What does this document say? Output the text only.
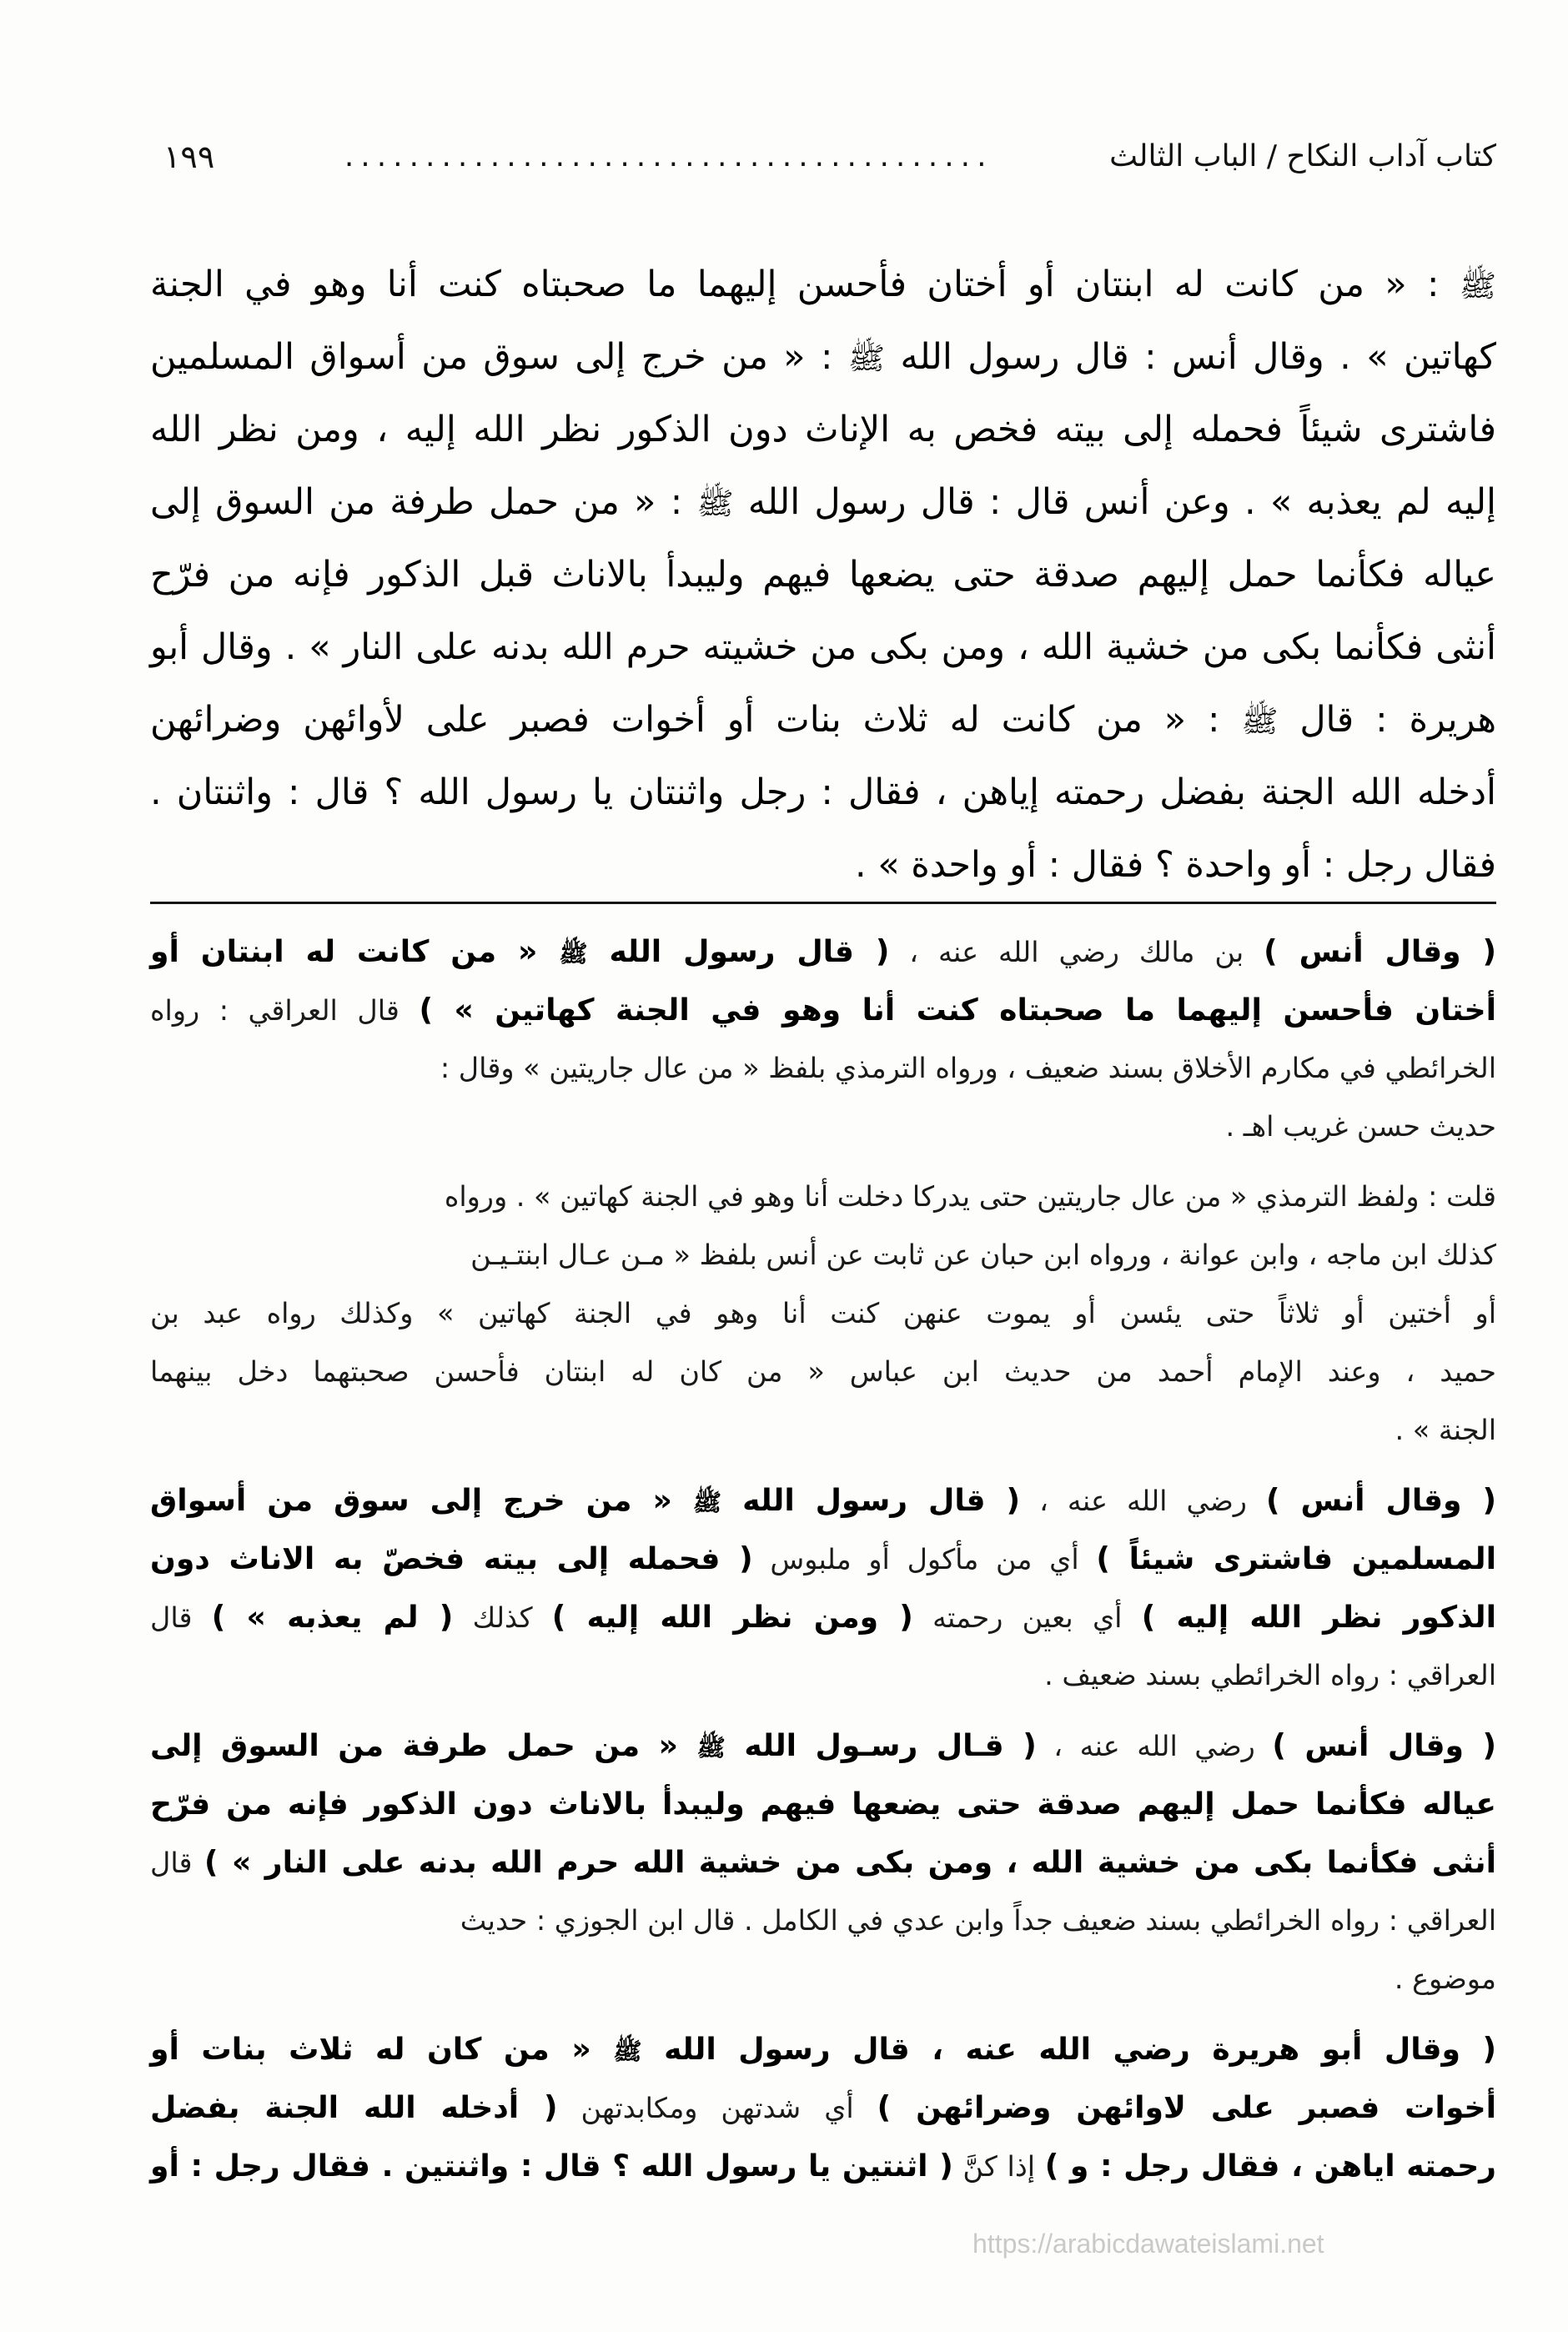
كتاب آداب النكاح / الباب الثالث
........................................
١٩٩
ﷺ : « من كانت له ابنتان أو أختان فأحسن إليهما ما صحبتاه كنت أنا وهو في الجنة
كهاتين » . وقال أنس : قال رسول الله ﷺ : « من خرج إلى سوق من أسواق المسلمين
فاشترى شيئاً فحمله إلى بيته فخص به الإناث دون الذكور نظر الله إليه ، ومن نظر الله
إليه لم يعذبه » . وعن أنس قال : قال رسول الله ﷺ : « من حمل طرفة من السوق إلى
عياله فكأنما حمل إليهم صدقة حتى يضعها فيهم وليبدأ بالاناث قبل الذكور فإنه من فرّح
أنثى فكأنما بكى من خشية الله ، ومن بكى من خشيته حرم الله بدنه على النار » . وقال أبو
هريرة : قال ﷺ : « من كانت له ثلاث بنات أو أخوات فصبر على لأوائهن وضرائهن
أدخله الله الجنة بفضل رحمته إياهن ، فقال : رجل واثنتان يا رسول الله ؟ قال : واثنتان .
فقال رجل : أو واحدة ؟ فقال : أو واحدة » .
( وقال أنس ) بن مالك رضي الله عنه ، ( قال رسول الله ﷺ « من كانت له ابنتان أو
أختان فأحسن إليهما ما صحبتاه كنت أنا وهو في الجنة كهاتين » ) قال العراقي : رواه
الخرائطي في مكارم الأخلاق بسند ضعيف ، ورواه الترمذي بلفظ « من عال جاريتين » وقال :
حديث حسن غريب اهـ .
قلت : ولفظ الترمذي « من عال جاريتين حتى يدركا دخلت أنا وهو في الجنة كهاتين » . ورواه
كذلك ابن ماجه ، وابن عوانة ، ورواه ابن حبان عن ثابت عن أنس بلفظ « مـن عـال ابنتـيـن
أو أختين أو ثلاثاً حتى يئسن أو يموت عنهن كنت أنا وهو في الجنة كهاتين » وكذلك رواه عبد بن
حميد ، وعند الإمام أحمد من حديث ابن عباس « من كان له ابنتان فأحسن صحبتهما دخل بينهما
الجنة » .
( وقال أنس ) رضي الله عنه ، ( قال رسول الله ﷺ « من خرج إلى سوق من أسواق
المسلمين فاشترى شيئاً ) أي من مأكول أو ملبوس ( فحمله إلى بيته فخصّ به الاناث دون
الذكور نظر الله إليه ) أي بعين رحمته ( ومن نظر الله إليه ) كذلك ( لم يعذبه » ) قال
العراقي : رواه الخرائطي بسند ضعيف .
( وقال أنس ) رضي الله عنه ، ( قـال رسـول الله ﷺ « من حمل طرفة من السوق إلى
عياله فكأنما حمل إليهم صدقة حتى يضعها فيهم وليبدأ بالاناث دون الذكور فإنه من فرّح
أنثى فكأنما بكى من خشية الله ، ومن بكى من خشية الله حرم الله بدنه على النار » ) قال
العراقي : رواه الخرائطي بسند ضعيف جداً وابن عدي في الكامل . قال ابن الجوزي : حديث
موضوع .
( وقال أبو هريرة رضي الله عنه ، قال رسول الله ﷺ « من كان له ثلاث بنات أو
أخوات فصبر على لاوائهن وضرائهن ) أي شدتهن ومكابدتهن ( أدخله الله الجنة بفضل
رحمته اياهن ، فقال رجل : و ) إذا كنَّ ( اثنتين يا رسول الله ؟ قال : واثنتين . فقال رجل : أو
https://arabicdawateislami.net
